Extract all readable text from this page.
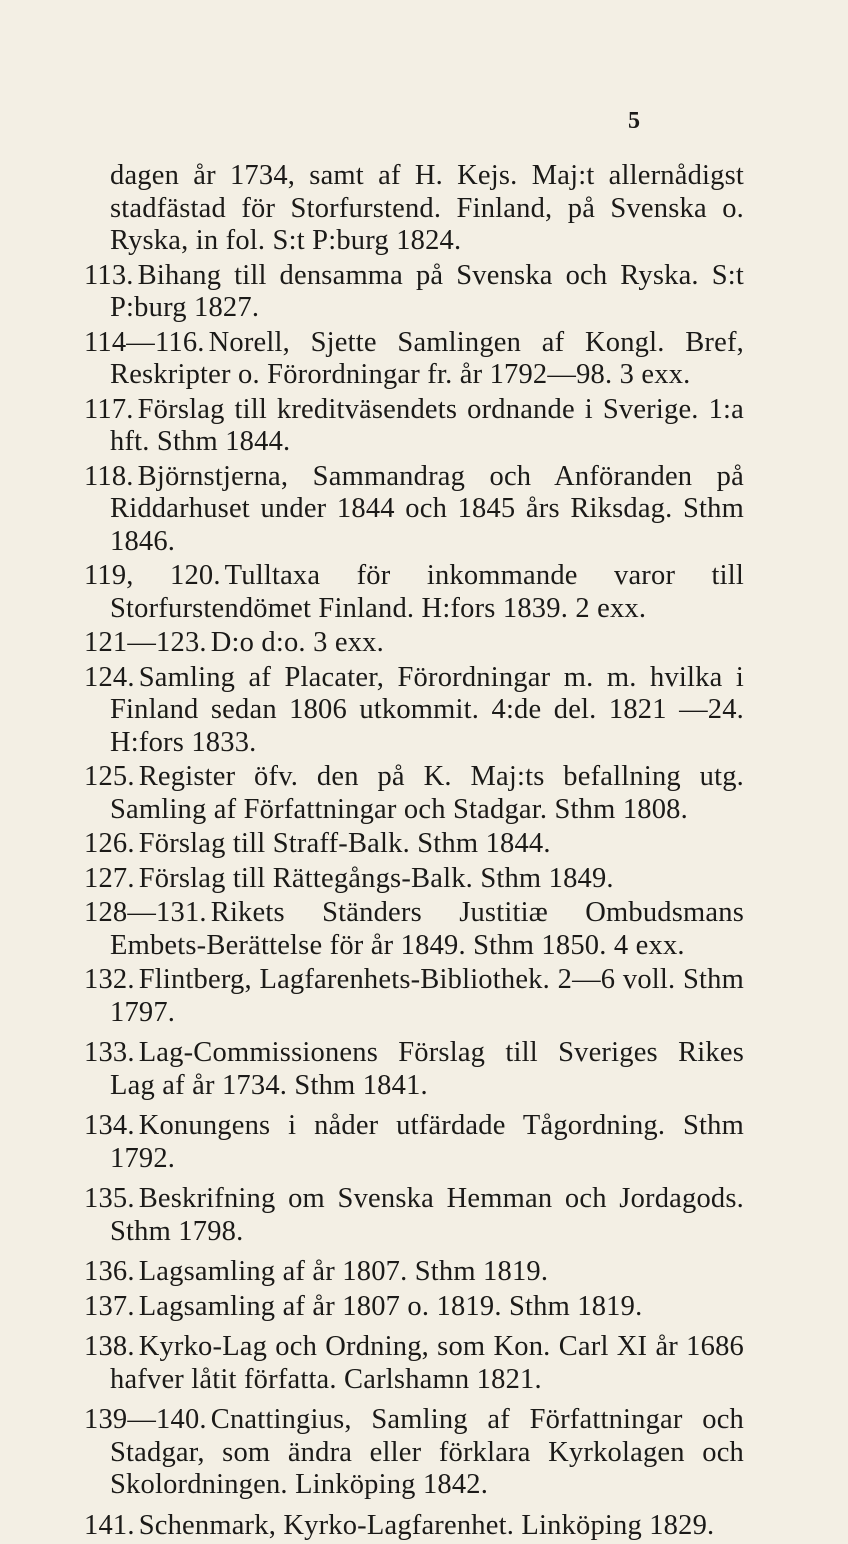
5

dagen år 1734, samt af H. Kejs. Maj:t allernådigst stadfästad för Storfurstend. Finland, på Svenska o. Ryska, in fol. S:t P:burg 1824.

113. Bihang till densamma på Svenska och Ryska. S:t P:burg 1827.

114—116. Norell, Sjette Samlingen af Kongl. Bref, Reskripter o. Förordningar fr. år 1792—98. 3 exx.

117. Förslag till kreditväsendets ordnande i Sverige. 1:a hft. Sthm 1844.

118. Björnstjerna, Sammandrag och Anföranden på Riddarhuset under 1844 och 1845 års Riksdag. Sthm 1846.

119, 120. Tulltaxa för inkommande varor till Storfurstendömet Finland. H:fors 1839. 2 exx.

121—123. D:o d:o. 3 exx.

124. Samling af Placater, Förordningar m. m. hvilka i Finland sedan 1806 utkommit. 4:de del. 1821 —24. H:fors 1833.

125. Register öfv. den på K. Maj:ts befallning utg. Samling af Författningar och Stadgar. Sthm 1808.

126. Förslag till Straff-Balk. Sthm 1844.

127. Förslag till Rättegångs-Balk. Sthm 1849.

128—131. Rikets Ständers Justitiæ Ombudsmans Embets-Berättelse för år 1849. Sthm 1850. 4 exx.

132. Flintberg, Lagfarenhets-Bibliothek. 2—6 voll. Sthm 1797.

133. Lag-Commissionens Förslag till Sveriges Rikes Lag af år 1734. Sthm 1841.

134. Konungens i nåder utfärdade Tågordning. Sthm 1792.

135. Beskrifning om Svenska Hemman och Jordagods. Sthm 1798.

136. Lagsamling af år 1807. Sthm 1819.

137. Lagsamling af år 1807 o. 1819. Sthm 1819.

138. Kyrko-Lag och Ordning, som Kon. Carl XI år 1686 hafver låtit författa. Carlshamn 1821.

139—140. Cnattingius, Samling af Författningar och Stadgar, som ändra eller förklara Kyrkolagen och Skolordningen. Linköping 1842.

141. Schenmark, Kyrko-Lagfarenhet. Linköping 1829.
